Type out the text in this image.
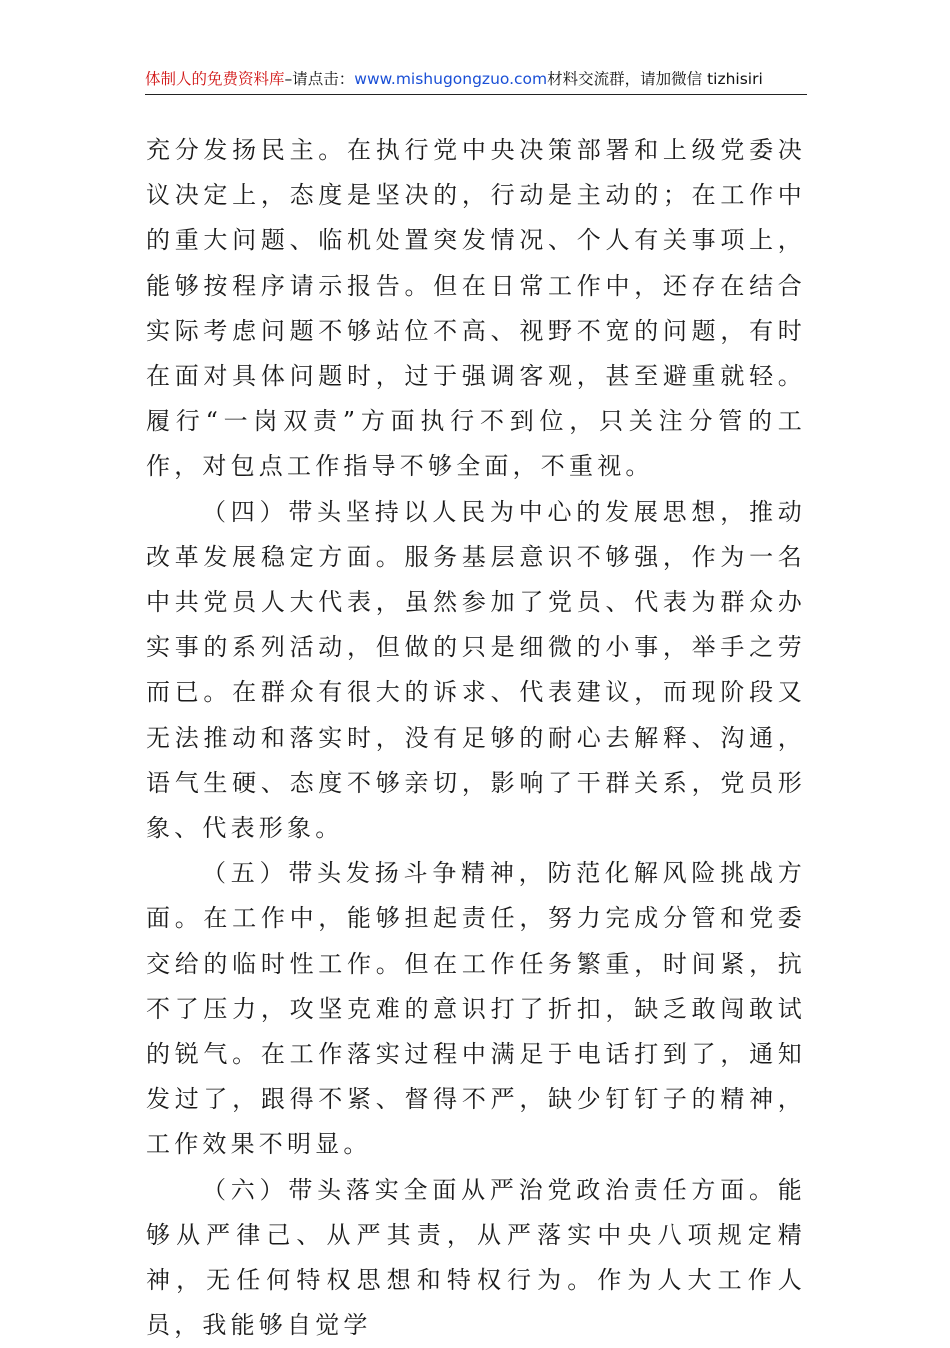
体制人的免费资料库–请点击：www.mishugongzuo.com材料交流群，请加微信 tizhisiri

充分发扬民主。在执行党中央决策部署和上级党委决议决定上，态度是坚决的，行动是主动的；在工作中的重大问题、临机处置突发情况、个人有关事项上，能够按程序请示报告。但在日常工作中，还存在结合实际考虑问题不够站位不高、视野不宽的问题，有时在面对具体问题时，过于强调客观，甚至避重就轻。履行“一岗双责”方面执行不到位，只关注分管的工作，对包点工作指导不够全面，不重视。

（四）带头坚持以人民为中心的发展思想，推动改革发展稳定方面。服务基层意识不够强，作为一名中共党员人大代表，虽然参加了党员、代表为群众办实事的系列活动，但做的只是细微的小事，举手之劳而已。在群众有很大的诉求、代表建议，而现阶段又无法推动和落实时，没有足够的耐心去解释、沟通，语气生硬、态度不够亲切，影响了干群关系，党员形象、代表形象。

（五）带头发扬斗争精神，防范化解风险挑战方面。在工作中，能够担起责任，努力完成分管和党委交给的临时性工作。但在工作任务繁重，时间紧，抗不了压力，攻坚克难的意识打了折扣，缺乏敢闯敢试的锐气。在工作落实过程中满足于电话打到了，通知发过了，跟得不紧、督得不严，缺少钉钉子的精神，工作效果不明显。

（六）带头落实全面从严治党政治责任方面。能够从严律己、从严其责，从严落实中央八项规定精神，无任何特权思想和特权行为。作为人大工作人员，我能够自觉学
